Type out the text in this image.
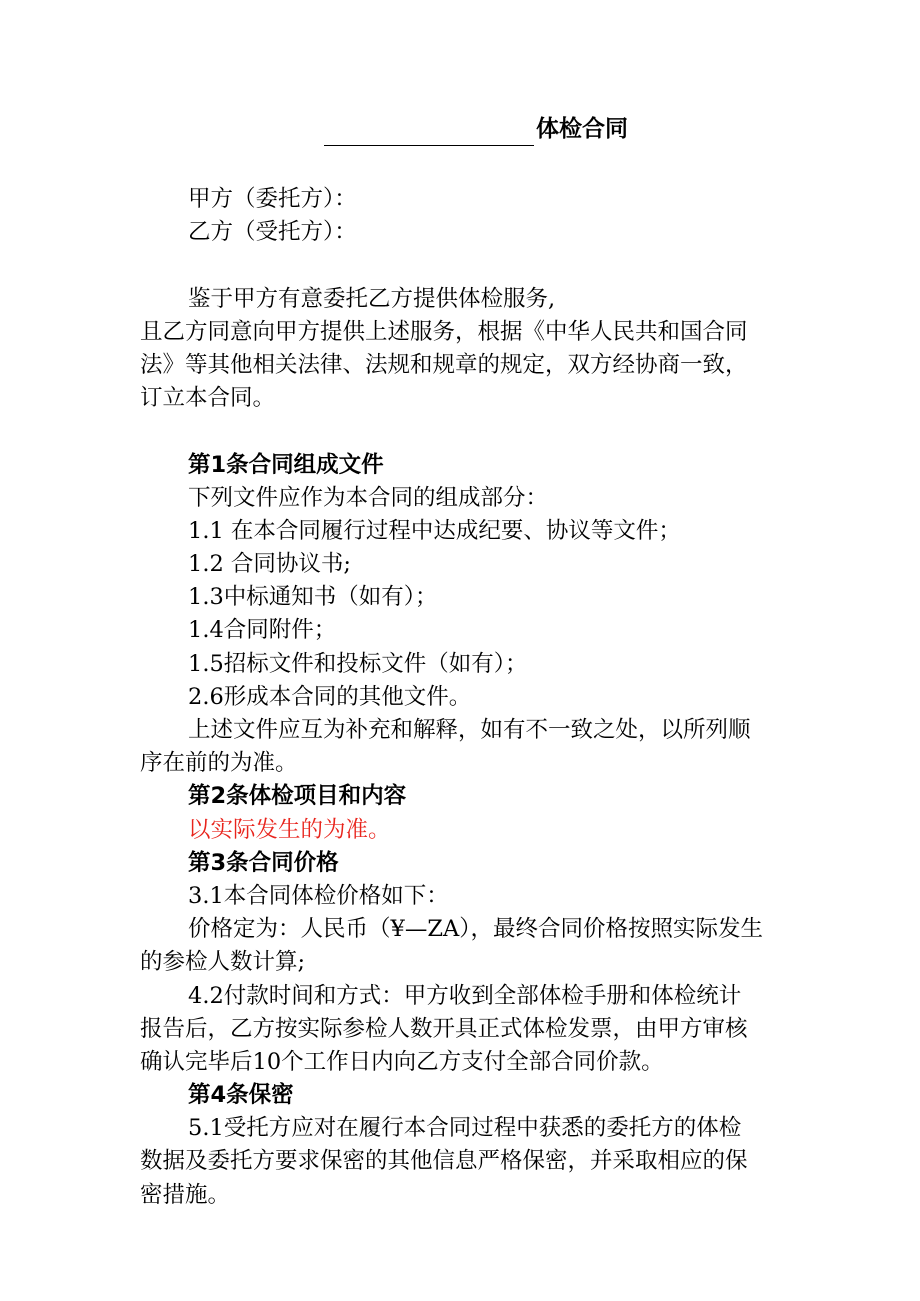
体检合同
甲方（委托方）：
乙方（受托方）：
鉴于甲方有意委托乙方提供体检服务,
且乙方同意向甲方提供上述服务，根据《中华人民共和国合同
法》等其他相关法律、法规和规章的规定，双方经协商一致，
订立本合同。
第1条合同组成文件
下列文件应作为本合同的组成部分：
1.1 在本合同履行过程中达成纪要、协议等文件；
1.2 合同协议书;
1.3中标通知书（如有）；
1.4合同附件；
1.5招标文件和投标文件（如有）；
2.6形成本合同的其他文件。
上述文件应互为补充和解释，如有不一致之处，以所列顺
序在前的为准。
第2条体检项目和内容
以实际发生的为准。
第3条合同价格
3.1本合同体检价格如下：
价格定为：人民币（¥—ZA），最终合同价格按照实际发生
的参检人数计算;
4.2付款时间和方式：甲方收到全部体检手册和体检统计
报告后，乙方按实际参检人数开具正式体检发票，由甲方审核
确认完毕后10个工作日内向乙方支付全部合同价款。
第4条保密
5.1受托方应对在履行本合同过程中获悉的委托方的体检
数据及委托方要求保密的其他信息严格保密，并采取相应的保
密措施。
